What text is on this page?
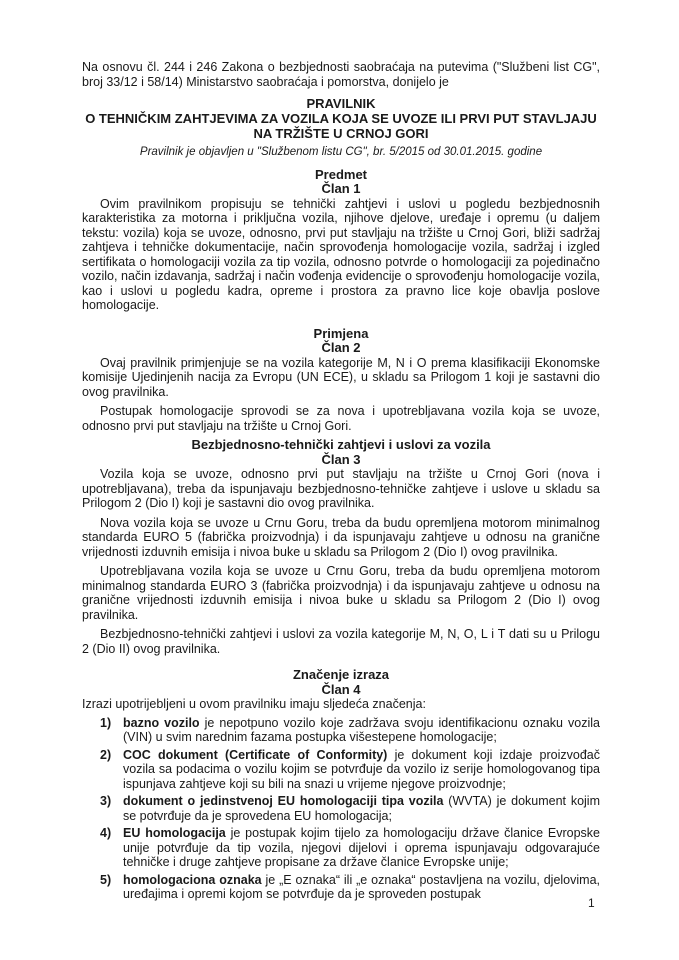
Na osnovu čl. 244 i 246 Zakona o bezbjednosti saobraćaja na putevima ("Službeni list CG", broj 33/12 i 58/14) Ministarstvo saobraćaja i pomorstva, donijelo je

PRAVILNIK
O TEHNIČKIM ZAHTJEVIMA ZA VOZILA KOJA SE UVOZE ILI PRVI PUT STAVLJAJU
NA TRŽIŠTE U CRNOJ GORI
Pravilnik je objavljen u "Službenom listu CG", br. 5/2015 od 30.01.2015. godine
Predmet
Član 1

Ovim pravilnikom propisuju se tehnički zahtjevi i uslovi u pogledu bezbjednosnih karakteristika za motorna i priključna vozila, njihove djelove, uređaje i opremu (u daljem tekstu: vozila) koja se uvoze, odnosno, prvi put stavljaju na tržište u Crnoj Gori, bliži sadržaj zahtjeva i tehničke dokumentacije, način sprovođenja homologacije vozila, sadržaj i izgled sertifikata o homologaciji vozila za tip vozila, odnosno potvrde o homologaciji za pojedinačno vozilo, način izdavanja, sadržaj i način vođenja evidencije o sprovođenju homologacije vozila, kao i uslovi u pogledu kadra, opreme i prostora za pravno lice koje obavlja poslove homologacije.

Primjena
Član 2

Ovaj pravilnik primjenjuje se na vozila kategorije M, N i O prema klasifikaciji Ekonomske komisije Ujedinjenih nacija za Evropu (UN ECE), u skladu sa Prilogom 1 koji je sastavni dio ovog pravilnika.

Postupak homologacije sprovodi se za nova i upotrebljavana vozila koja se uvoze, odnosno prvi put stavljaju na tržište u Crnoj Gori.

Bezbjednosno-tehnički zahtjevi i uslovi za vozila
Član 3

Vozila koja se uvoze, odnosno prvi put stavljaju na tržište u Crnoj Gori (nova i upotrebljavana), treba da ispunjavaju bezbjednosno-tehničke zahtjeve i uslove u skladu sa Prilogom 2 (Dio I) koji je sastavni dio ovog pravilnika.

Nova vozila koja se uvoze u Crnu Goru, treba da budu opremljena motorom minimalnog standarda EURO 5 (fabrička proizvodnja) i da ispunjavaju zahtjeve u odnosu na granične vrijednosti izduvnih emisija i nivoa buke u skladu sa Prilogom 2 (Dio I) ovog pravilnika.

Upotrebljavana vozila koja se uvoze u Crnu Goru, treba da budu opremljena motorom minimalnog standarda EURO 3 (fabrička proizvodnja) i da ispunjavaju zahtjeve u odnosu na granične vrijednosti izduvnih emisija i nivoa buke u skladu sa Prilogom 2 (Dio I) ovog pravilnika.

Bezbjednosno-tehnički zahtjevi i uslovi za vozila kategorije M, N, O, L i T dati su u Prilogu 2 (Dio II) ovog pravilnika.

Značenje izraza
Član 4

Izrazi upotrijebljeni u ovom pravilniku imaju sljedeća značenja:

1) bazno vozilo je nepotpuno vozilo koje zadržava svoju identifikacionu oznaku vozila (VIN) u svim narednim fazama postupka višestepene homologacije;
2) COC dokument (Certificate of Conformity) je dokument koji izdaje proizvođač vozila sa podacima o vozilu kojim se potvrđuje da vozilo iz serije homologovanog tipa ispunjava zahtjeve koji su bili na snazi u vrijeme njegove proizvodnje;
3) dokument o jedinstvenoj EU homologaciji tipa vozila (WVTA) je dokument kojim se potvrđuje da je sprovedena EU homologacija;
4) EU homologacija je postupak kojim tijelo za homologaciju države članice Evropske unije potvrđuje da tip vozila, njegovi dijelovi i oprema ispunjavaju odgovarajuće tehničke i druge zahtjeve propisane za države članice Evropske unije;
5) homologaciona oznaka je „E oznaka“ ili „e oznaka“ postavljena na vozilu, djelovima, uređajima i opremi kojom se potvrđuje da je sproveden postupak
1
